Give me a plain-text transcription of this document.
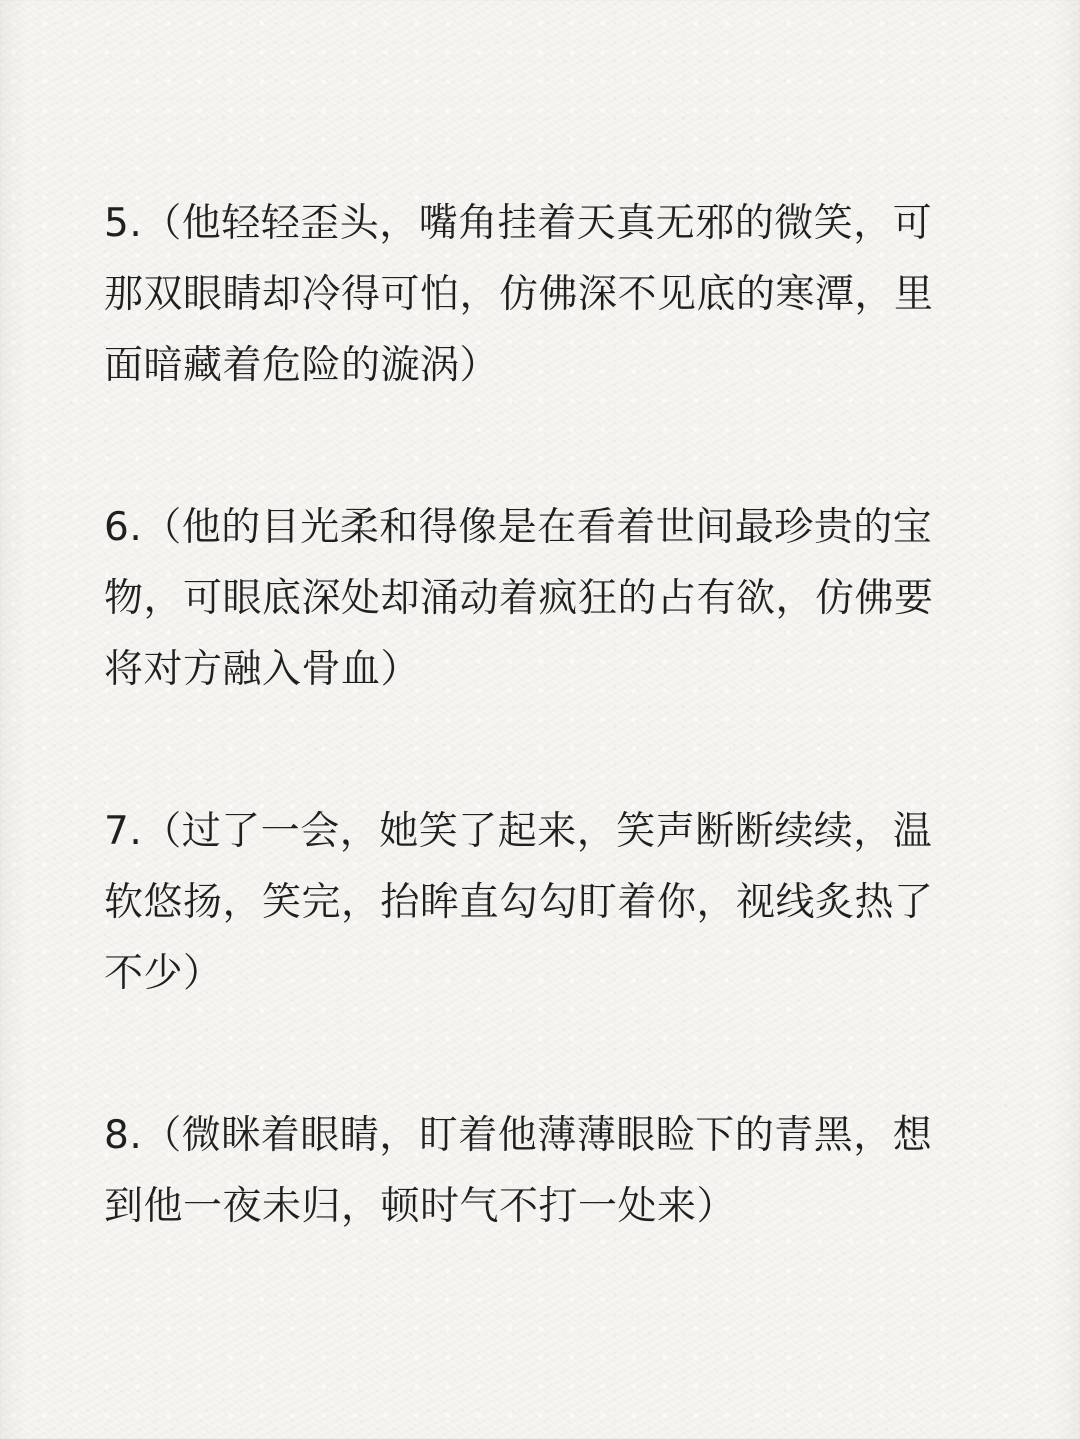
5.（他轻轻歪头，嘴角挂着天真无邪的微笑，可那双眼睛却冷得可怕，仿佛深不见底的寒潭，里面暗藏着危险的漩涡）

6.（他的目光柔和得像是在看着世间最珍贵的宝物，可眼底深处却涌动着疯狂的占有欲，仿佛要将对方融入骨血）

7.（过了一会，她笑了起来，笑声断断续续，温软悠扬，笑完，抬眸直勾勾盯着你，视线炙热了不少）

8.（微眯着眼睛，盯着他薄薄眼睑下的青黑，想到他一夜未归，顿时气不打一处来）
